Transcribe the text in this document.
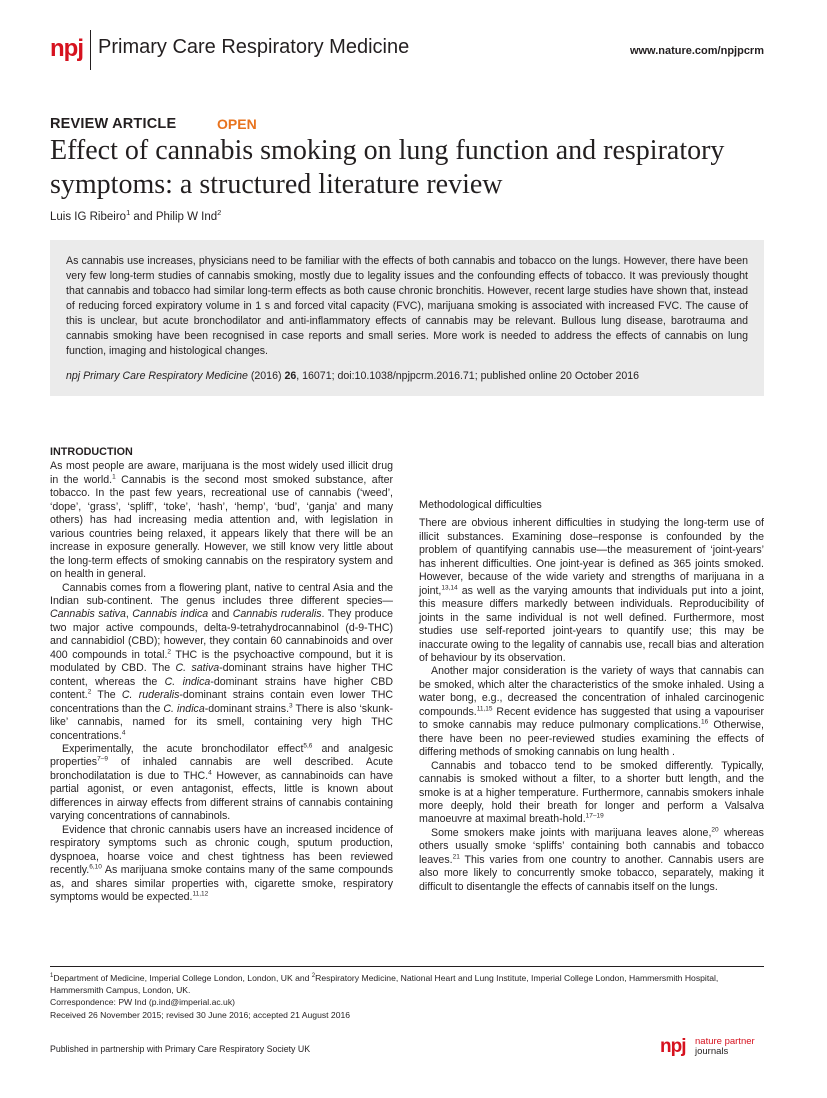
npj Primary Care Respiratory Medicine	www.nature.com/npjpcrm
REVIEW ARTICLE	OPEN
Effect of cannabis smoking on lung function and respiratory symptoms: a structured literature review
Luis IG Ribeiro$^1$ and Philip W Ind$^2$

As cannabis use increases, physicians need to be familiar with the effects of both cannabis and tobacco on the lungs. However, there have been very few long-term studies of cannabis smoking, mostly due to legality issues and the confounding effects of tobacco. It was previously thought that cannabis and tobacco had similar long-term effects as both cause chronic bronchitis. However, recent large studies have shown that, instead of reducing forced expiratory volume in 1 s and forced vital capacity (FVC), marijuana smoking is associated with increased FVC. The cause of this is unclear, but acute bronchodilator and anti-inflammatory effects of cannabis may be relevant. Bullous lung disease, barotrauma and cannabis smoking have been recognised in case reports and small series. More work is needed to address the effects of cannabis on lung function, imaging and histological changes.

npj Primary Care Respiratory Medicine (2016) 26, 16071; doi:10.1038/npjpcrm.2016.71; published online 20 October 2016
INTRODUCTION

As most people are aware, marijuana is the most widely used illicit drug in the world.$^1$ Cannabis is the second most smoked substance, after tobacco. In the past few years, recreational use of cannabis (‘weed’, ‘dope’, ‘grass’, ‘spliff’, ‘toke’, ‘hash’, ‘hemp’, ‘bud’, ‘ganja’ and many others) has had increasing media attention and, with legislation in various countries being relaxed, it appears likely that there will be an increase in exposure generally. However, we still know very little about the long-term effects of smoking cannabis on the respiratory system and on health in general.

Cannabis comes from a flowering plant, native to central Asia and the Indian sub-continent. The genus includes three different species—Cannabis sativa, Cannabis indica and Cannabis ruderalis. They produce two major active compounds, delta-9-tetrahydrocannabinol (d-9-THC) and cannabidiol (CBD); however, they contain 60 cannabinoids and over 400 compounds in total.$^2$ THC is the psychoactive compound, but it is modulated by CBD. The C. sativa-dominant strains have higher THC content, whereas the C. indica-dominant strains have higher CBD content.$^2$ The C. ruderalis-dominant strains contain even lower THC concentrations than the C. indica-dominant strains.$^3$ There is also ‘skunk-like’ cannabis, named for its smell, containing very high THC concentrations.$^4$

Experimentally, the acute bronchodilator effect$^{5,6}$ and analgesic properties$^{7-9}$ of inhaled cannabis are well described. Acute bronchodilatation is due to THC.$^4$ However, as cannabinoids can have partial agonist, or even antagonist, effects, little is known about differences in airway effects from different strains of cannabis containing varying concentrations of cannabinols.

Evidence that chronic cannabis users have an increased incidence of respiratory symptoms such as chronic cough, sputum production, dyspnoea, hoarse voice and chest tightness has been reviewed recently.$^{6,10}$ As marijuana smoke contains many of the same compounds as, and shares similar properties with, cigarette smoke, respiratory symptoms would be expected.$^{11,12}$

Methodological difficulties

There are obvious inherent difficulties in studying the long-term use of illicit substances. Examining dose–response is confounded by the problem of quantifying cannabis use—the measurement of ‘joint-years’ has inherent difficulties. One joint-year is defined as 365 joints smoked. However, because of the wide variety and strengths of marijuana in a joint,$^{13,14}$ as well as the varying amounts that individuals put into a joint, this measure differs markedly between individuals. Reproducibility of joints in the same individual is not well defined. Furthermore, most studies use self-reported joint-years to quantify use; this may be inaccurate owing to the legality of cannabis use, recall bias and alteration of behaviour by its observation.

Another major consideration is the variety of ways that cannabis can be smoked, which alter the characteristics of the smoke inhaled. Using a water bong, e.g., decreased the concentration of inhaled carcinogenic compounds.$^{11,15}$ Recent evidence has suggested that using a vapouriser to smoke cannabis may reduce pulmonary complications.$^{16}$ Otherwise, there have been no peer-reviewed studies examining the effects of differing methods of smoking cannabis on lung health .

Cannabis and tobacco tend to be smoked differently. Typically, cannabis is smoked without a filter, to a shorter butt length, and the smoke is at a higher temperature. Furthermore, cannabis smokers inhale more deeply, hold their breath for longer and perform a Valsalva manoeuvre at maximal breath-hold.$^{17-19}$

Some smokers make joints with marijuana leaves alone,$^{20}$ whereas others usually smoke ‘spliffs’ containing both cannabis and tobacco leaves.$^{21}$ This varies from one country to another. Cannabis users are also more likely to concurrently smoke tobacco, separately, making it difficult to disentangle the effects of cannabis itself on the lungs.

$^1$Department of Medicine, Imperial College London, London, UK and $^2$Respiratory Medicine, National Heart and Lung Institute, Imperial College London, Hammersmith Hospital, Hammersmith Campus, London, UK.

Correspondence: PW Ind (p.ind@imperial.ac.uk)

Received 26 November 2015; revised 30 June 2016; accepted 21 August 2016

Published in partnership with Primary Care Respiratory Society UK	npj nature partner
journals
